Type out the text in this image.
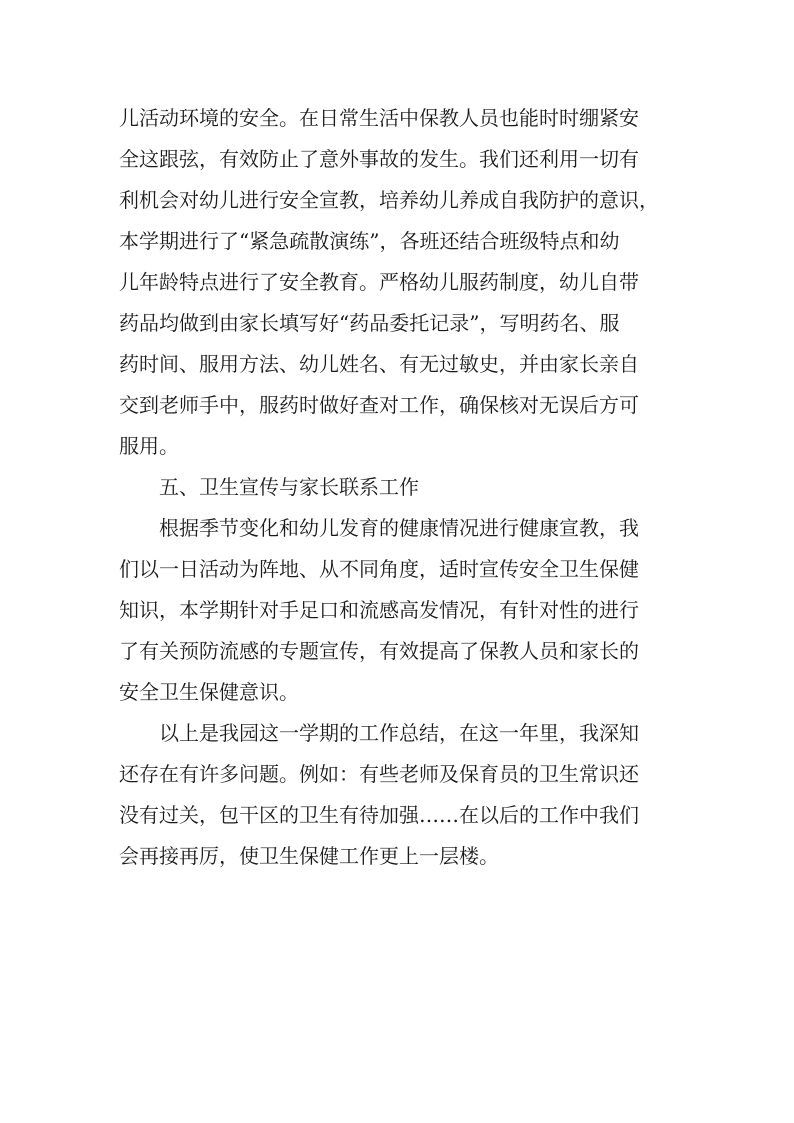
儿活动环境的安全。在日常生活中保教人员也能时时绷紧安
全这跟弦，有效防止了意外事故的发生。我们还利用一切有
利机会对幼儿进行安全宣教，培养幼儿养成自我防护的意识，
本学期进行了“紧急疏散演练”，各班还结合班级特点和幼
儿年龄特点进行了安全教育。严格幼儿服药制度，幼儿自带
药品均做到由家长填写好“药品委托记录”，写明药名、服
药时间、服用方法、幼儿姓名、有无过敏史，并由家长亲自
交到老师手中，服药时做好查对工作，确保核对无误后方可
服用。
五、卫生宣传与家长联系工作
根据季节变化和幼儿发育的健康情况进行健康宣教，我
们以一日活动为阵地、从不同角度，适时宣传安全卫生保健
知识，本学期针对手足口和流感高发情况，有针对性的进行
了有关预防流感的专题宣传，有效提高了保教人员和家长的
安全卫生保健意识。
以上是我园这一学期的工作总结，在这一年里，我深知
还存在有许多问题。例如：有些老师及保育员的卫生常识还
没有过关，包干区的卫生有待加强……在以后的工作中我们
会再接再厉，使卫生保健工作更上一层楼。
